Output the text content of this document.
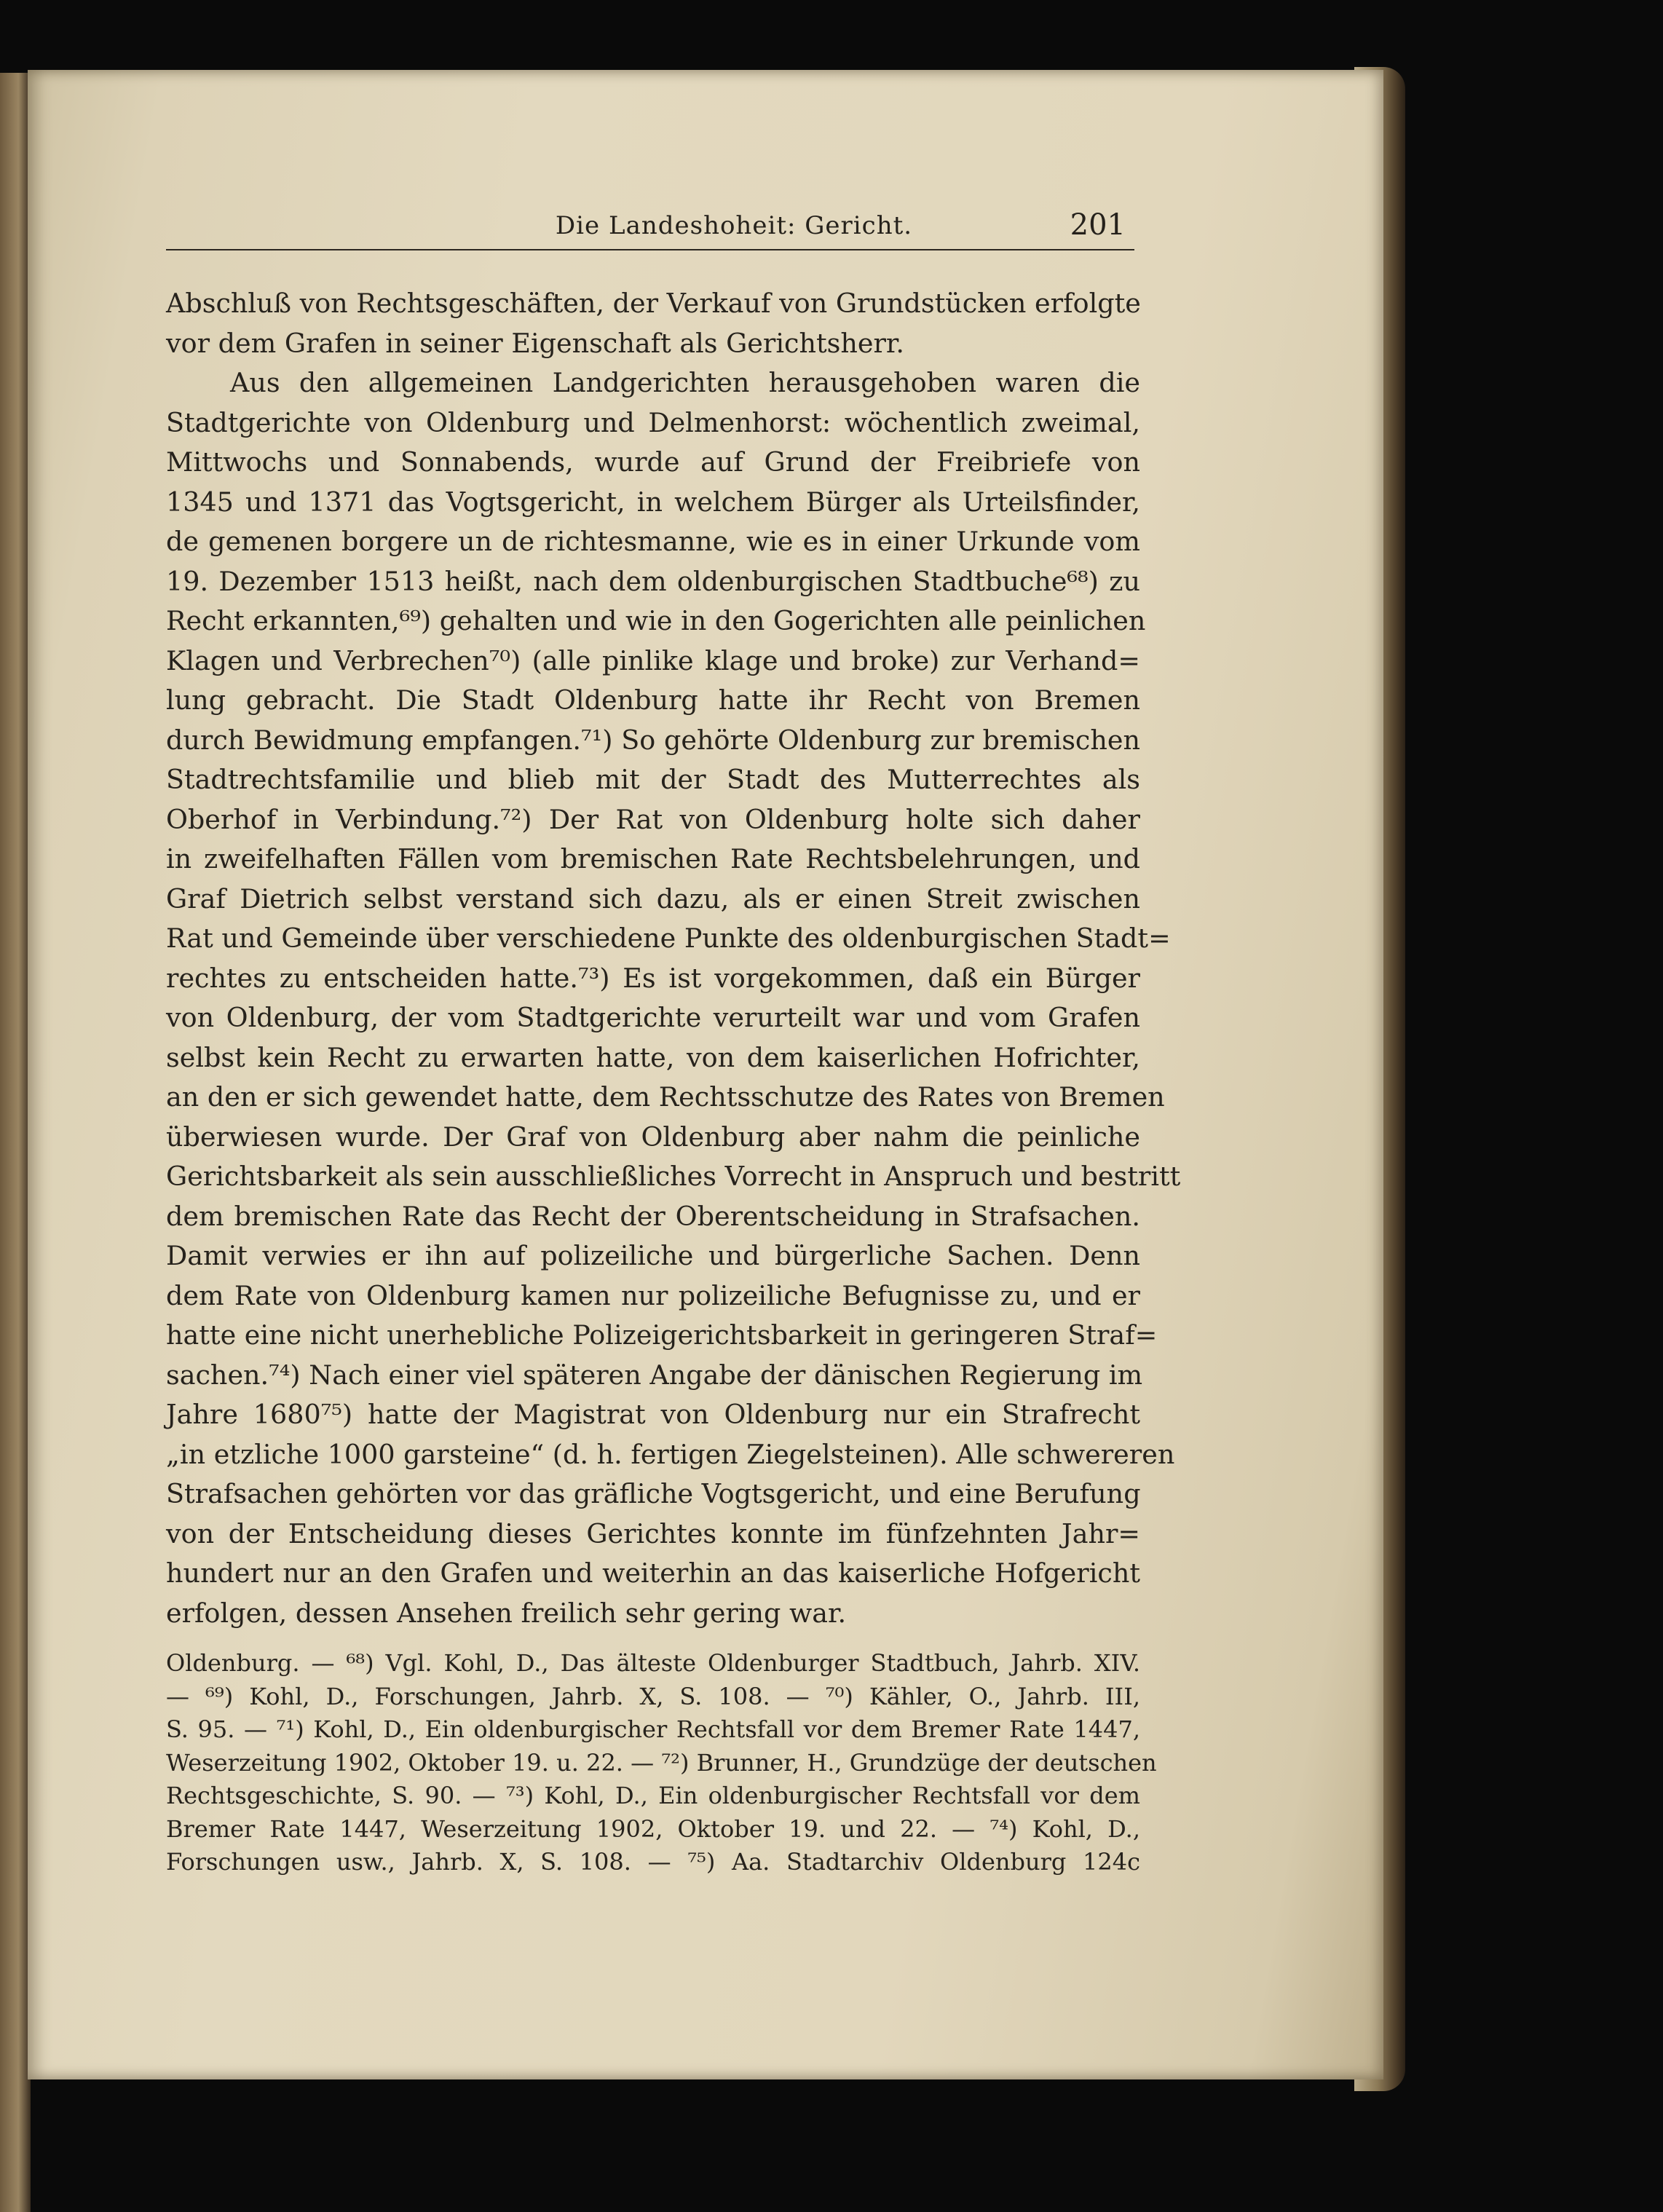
Die Landeshoheit: Gericht.	201
Abschluß von Rechtsgeschäften, der Verkauf von Grundstücken erfolgte
vor dem Grafen in seiner Eigenschaft als Gerichtsherr.
Aus den allgemeinen Landgerichten herausgehoben waren die
Stadtgerichte von Oldenburg und Delmenhorst: wöchentlich zweimal,
Mittwochs und Sonnabends, wurde auf Grund der Freibriefe von
1345 und 1371 das Vogtsgericht, in welchem Bürger als Urteilsfinder,
de gemenen borgere un de richtesmanne, wie es in einer Urkunde vom
19. Dezember 1513 heißt, nach dem oldenburgischen Stadtbuche⁶⁸) zu
Recht erkannten,⁶⁹) gehalten und wie in den Gogerichten alle peinlichen
Klagen und Verbrechen⁷⁰) (alle pinlike klage und broke) zur Verhand=
lung gebracht. Die Stadt Oldenburg hatte ihr Recht von Bremen
durch Bewidmung empfangen.⁷¹) So gehörte Oldenburg zur bremischen
Stadtrechtsfamilie und blieb mit der Stadt des Mutterrechtes als
Oberhof in Verbindung.⁷²) Der Rat von Oldenburg holte sich daher
in zweifelhaften Fällen vom bremischen Rate Rechtsbelehrungen, und
Graf Dietrich selbst verstand sich dazu, als er einen Streit zwischen
Rat und Gemeinde über verschiedene Punkte des oldenburgischen Stadt=
rechtes zu entscheiden hatte.⁷³) Es ist vorgekommen, daß ein Bürger
von Oldenburg, der vom Stadtgerichte verurteilt war und vom Grafen
selbst kein Recht zu erwarten hatte, von dem kaiserlichen Hofrichter,
an den er sich gewendet hatte, dem Rechtsschutze des Rates von Bremen
überwiesen wurde. Der Graf von Oldenburg aber nahm die peinliche
Gerichtsbarkeit als sein ausschließliches Vorrecht in Anspruch und bestritt
dem bremischen Rate das Recht der Oberentscheidung in Strafsachen.
Damit verwies er ihn auf polizeiliche und bürgerliche Sachen. Denn
dem Rate von Oldenburg kamen nur polizeiliche Befugnisse zu, und er
hatte eine nicht unerhebliche Polizeigerichtsbarkeit in geringeren Straf=
sachen.⁷⁴) Nach einer viel späteren Angabe der dänischen Regierung im
Jahre 1680⁷⁵) hatte der Magistrat von Oldenburg nur ein Strafrecht
„in etzliche 1000 garsteine“ (d. h. fertigen Ziegelsteinen). Alle schwereren
Strafsachen gehörten vor das gräfliche Vogtsgericht, und eine Berufung
von der Entscheidung dieses Gerichtes konnte im fünfzehnten Jahr=
hundert nur an den Grafen und weiterhin an das kaiserliche Hofgericht
erfolgen, dessen Ansehen freilich sehr gering war.
Oldenburg. — ⁶⁸) Vgl. Kohl, D., Das älteste Oldenburger Stadtbuch, Jahrb. XIV.
— ⁶⁹) Kohl, D., Forschungen, Jahrb. X, S. 108. — ⁷⁰) Kähler, O., Jahrb. III,
S. 95. — ⁷¹) Kohl, D., Ein oldenburgischer Rechtsfall vor dem Bremer Rate 1447,
Weserzeitung 1902, Oktober 19. u. 22. — ⁷²) Brunner, H., Grundzüge der deutschen
Rechtsgeschichte, S. 90. — ⁷³) Kohl, D., Ein oldenburgischer Rechtsfall vor dem
Bremer Rate 1447, Weserzeitung 1902, Oktober 19. und 22. — ⁷⁴) Kohl, D.,
Forschungen usw., Jahrb. X, S. 108. — ⁷⁵) Aa. Stadtarchiv Oldenburg 124c
